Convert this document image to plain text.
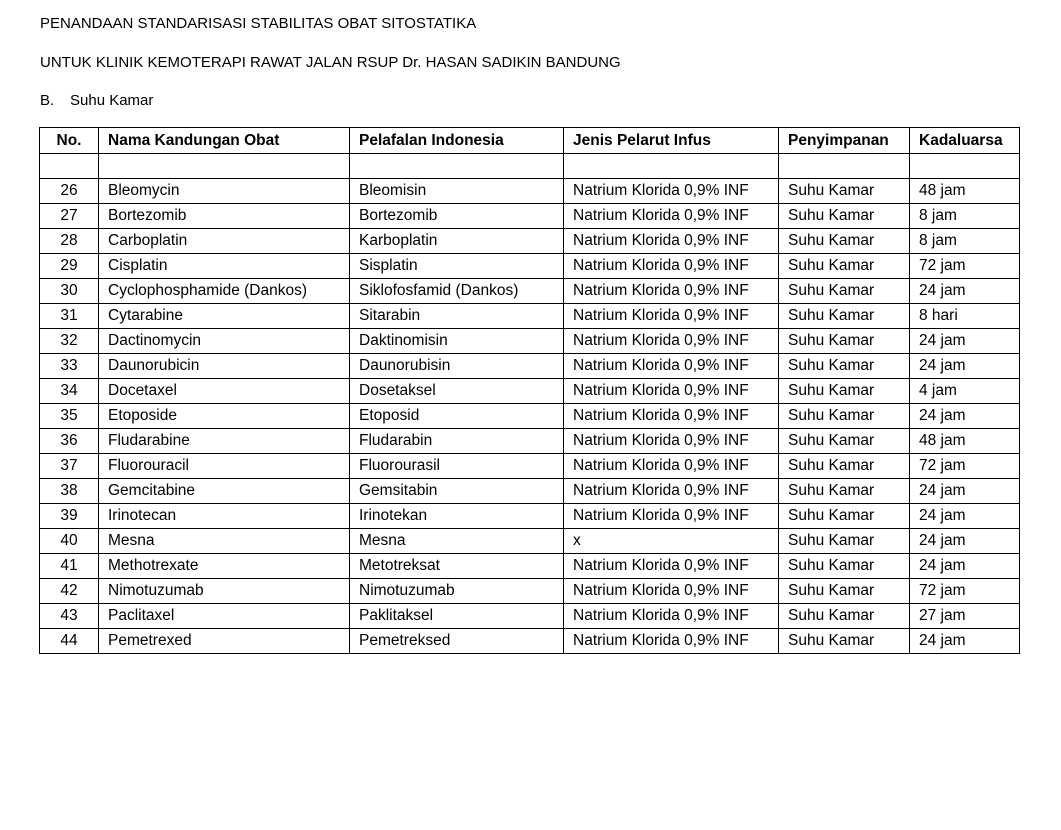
PENANDAAN STANDARISASI STABILITAS OBAT SITOSTATIKA
UNTUK KLINIK KEMOTERAPI RAWAT JALAN RSUP Dr. HASAN SADIKIN BANDUNG
B. Suhu Kamar
No.	Nama Kandungan Obat	Pelafalan Indonesia	Jenis Pelarut Infus	Penyimpanan	Kadaluarsa

26	Bleomycin	Bleomisin	Natrium Klorida 0,9% INF	Suhu Kamar	48 jam
27	Bortezomib	Bortezomib	Natrium Klorida 0,9% INF	Suhu Kamar	8 jam
28	Carboplatin	Karboplatin	Natrium Klorida 0,9% INF	Suhu Kamar	8 jam
29	Cisplatin	Sisplatin	Natrium Klorida 0,9% INF	Suhu Kamar	72 jam
30	Cyclophosphamide (Dankos)	Siklofosfamid (Dankos)	Natrium Klorida 0,9% INF	Suhu Kamar	24 jam
31	Cytarabine	Sitarabin	Natrium Klorida 0,9% INF	Suhu Kamar	8 hari
32	Dactinomycin	Daktinomisin	Natrium Klorida 0,9% INF	Suhu Kamar	24 jam
33	Daunorubicin	Daunorubisin	Natrium Klorida 0,9% INF	Suhu Kamar	24 jam
34	Docetaxel	Dosetaksel	Natrium Klorida 0,9% INF	Suhu Kamar	4 jam
35	Etoposide	Etoposid	Natrium Klorida 0,9% INF	Suhu Kamar	24 jam
36	Fludarabine	Fludarabin	Natrium Klorida 0,9% INF	Suhu Kamar	48 jam
37	Fluorouracil	Fluorourasil	Natrium Klorida 0,9% INF	Suhu Kamar	72 jam
38	Gemcitabine	Gemsitabin	Natrium Klorida 0,9% INF	Suhu Kamar	24 jam
39	Irinotecan	Irinotekan	Natrium Klorida 0,9% INF	Suhu Kamar	24 jam
40	Mesna	Mesna	x	Suhu Kamar	24 jam
41	Methotrexate	Metotreksat	Natrium Klorida 0,9% INF	Suhu Kamar	24 jam
42	Nimotuzumab	Nimotuzumab	Natrium Klorida 0,9% INF	Suhu Kamar	72 jam
43	Paclitaxel	Paklitaksel	Natrium Klorida 0,9% INF	Suhu Kamar	27 jam
44	Pemetrexed	Pemetreksed	Natrium Klorida 0,9% INF	Suhu Kamar	24 jam
